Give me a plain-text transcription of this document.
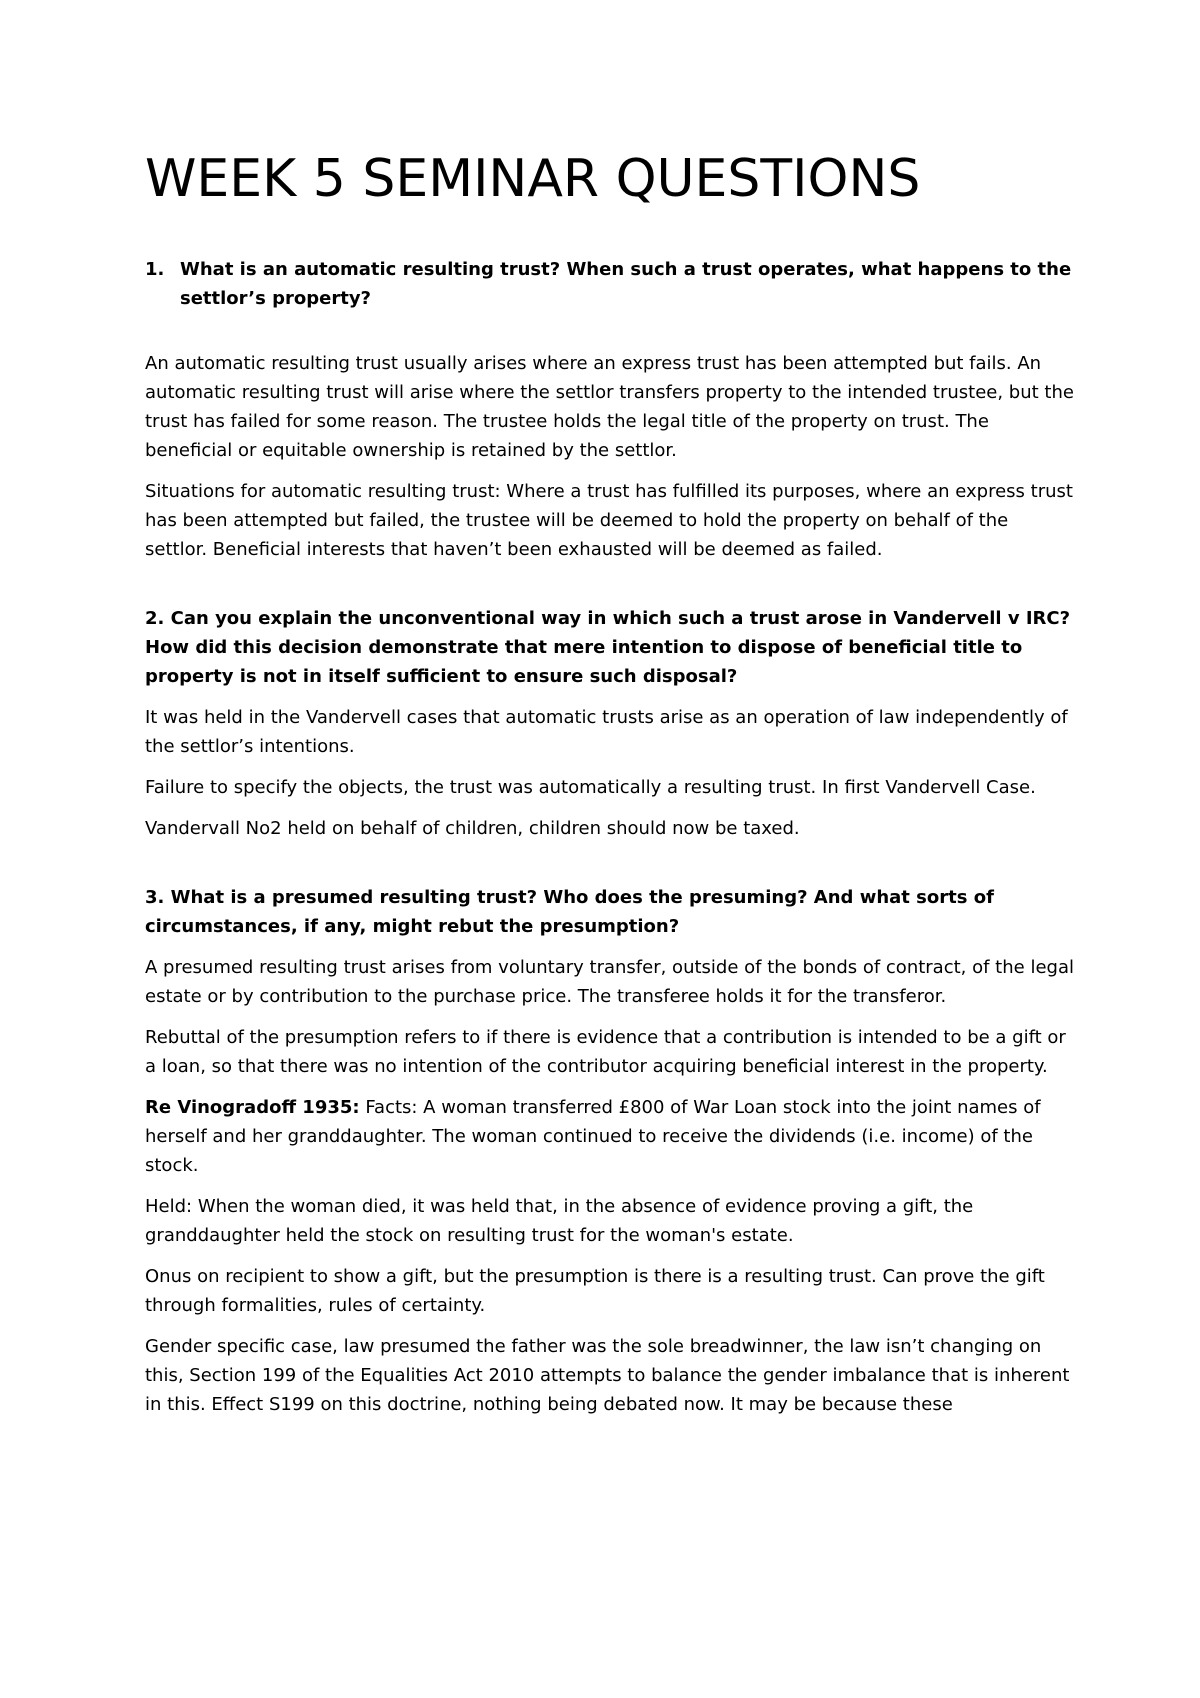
WEEK 5 SEMINAR QUESTIONS
1. What is an automatic resulting trust? When such a trust operates, what happens to the settlor’s property?

An automatic resulting trust usually arises where an express trust has been attempted but fails. An automatic resulting trust will arise where the settlor transfers property to the intended trustee, but the trust has failed for some reason. The trustee holds the legal title of the property on trust. The beneficial or equitable ownership is retained by the settlor.

Situations for automatic resulting trust: Where a trust has fulfilled its purposes, where an express trust has been attempted but failed, the trustee will be deemed to hold the property on behalf of the settlor. Beneficial interests that haven’t been exhausted will be deemed as failed.

2. Can you explain the unconventional way in which such a trust arose in Vandervell v IRC? How did this decision demonstrate that mere intention to dispose of beneficial title to property is not in itself sufficient to ensure such disposal?

It was held in the Vandervell cases that automatic trusts arise as an operation of law independently of the settlor’s intentions.

Failure to specify the objects, the trust was automatically a resulting trust. In first Vandervell Case.

Vandervall No2 held on behalf of children, children should now be taxed.

3. What is a presumed resulting trust? Who does the presuming? And what sorts of circumstances, if any, might rebut the presumption?

A presumed resulting trust arises from voluntary transfer, outside of the bonds of contract, of the legal estate or by contribution to the purchase price. The transferee holds it for the transferor.

Rebuttal of the presumption refers to if there is evidence that a contribution is intended to be a gift or a loan, so that there was no intention of the contributor acquiring beneficial interest in the property.

Re Vinogradoff 1935: Facts: A woman transferred £800 of War Loan stock into the joint names of herself and her granddaughter. The woman continued to receive the dividends (i.e. income) of the stock.

Held: When the woman died, it was held that, in the absence of evidence proving a gift, the granddaughter held the stock on resulting trust for the woman's estate.

Onus on recipient to show a gift, but the presumption is there is a resulting trust. Can prove the gift through formalities, rules of certainty.

Gender specific case, law presumed the father was the sole breadwinner, the law isn’t changing on this, Section 199 of the Equalities Act 2010 attempts to balance the gender imbalance that is inherent in this. Effect S199 on this doctrine, nothing being debated now. It may be because these
